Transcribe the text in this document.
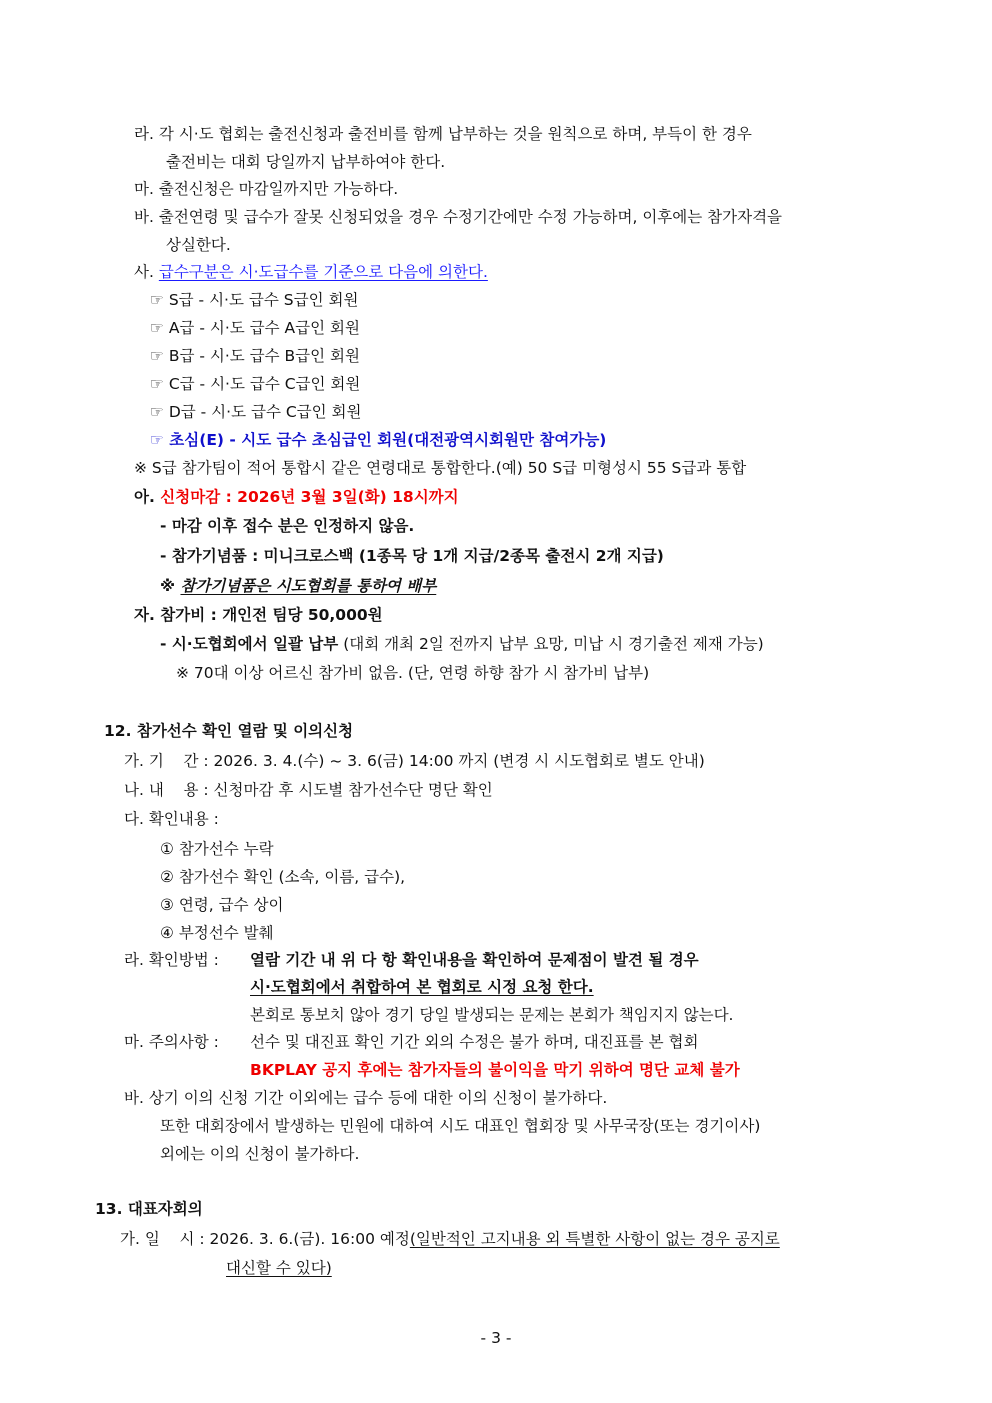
라. 각 시·도 협회는 출전신청과 출전비를 함께 납부하는 것을 원칙으로 하며, 부득이 한 경우
출전비는 대회 당일까지 납부하여야 한다.
마. 출전신청은 마감일까지만 가능하다.
바. 출전연령 및 급수가 잘못 신청되었을 경우 수정기간에만 수정 가능하며, 이후에는 참가자격을
상실한다.
사. 급수구분은 시·도급수를 기준으로 다음에 의한다.
☞ S급 - 시·도 급수 S급인 회원
☞ A급 - 시·도 급수 A급인 회원
☞ B급 - 시·도 급수 B급인 회원
☞ C급 - 시·도 급수 C급인 회원
☞ D급 - 시·도 급수 C급인 회원
☞ 초심(E) - 시도 급수 초심급인 회원(대전광역시회원만 참여가능)
※ S급 참가팀이 적어 통합시 같은 연령대로 통합한다.(예) 50 S급 미형성시 55 S급과 통합
아. 신청마감 : 2026년 3월 3일(화) 18시까지
- 마감 이후 접수 분은 인정하지 않음.
- 참가기념품 : 미니크로스백 (1종목 당 1개 지급/2종목 출전시 2개 지급)
※ 참가기념품은 시도협회를 통하여 배부
자. 참가비 : 개인전 팀당 50,000원
- 시·도협회에서 일괄 납부 (대회 개최 2일 전까지 납부 요망, 미납 시 경기출전 제재 가능)
※ 70대 이상 어르신 참가비 없음. (단, 연령 하향 참가 시 참가비 납부)
12. 참가선수 확인 열람 및 이의신청
가. 기    간 : 2026. 3. 4.(수) ~ 3. 6(금) 14:00 까지 (변경 시 시도협회로 별도 안내)
나. 내    용 : 신청마감 후 시도별 참가선수단 명단 확인
다. 확인내용 :
① 참가선수 누락
② 참가선수 확인 (소속, 이름, 급수),
③ 연령, 급수 상이
④ 부정선수 발췌
라. 확인방법 : 열람 기간 내 위 다 항 확인내용을 확인하여 문제점이 발견 될 경우
시·도협회에서 취합하여 본 협회로 시정 요청 한다.
본회로 통보치 않아 경기 당일 발생되는 문제는 본회가 책임지지 않는다.
마. 주의사항 : 선수 및 대진표 확인 기간 외의 수정은 불가 하며, 대진표를 본 협회
BKPLAY 공지 후에는 참가자들의 불이익을 막기 위하여 명단 교체 불가
바. 상기 이의 신청 기간 이외에는 급수 등에 대한 이의 신청이 불가하다.
또한 대회장에서 발생하는 민원에 대하여 시도 대표인 협회장 및 사무국장(또는 경기이사)
외에는 이의 신청이 불가하다.
13. 대표자회의
가. 일    시 : 2026. 3. 6.(금). 16:00 예정(일반적인 고지내용 외 특별한 사항이 없는 경우 공지로
대신할 수 있다)
- 3 -
